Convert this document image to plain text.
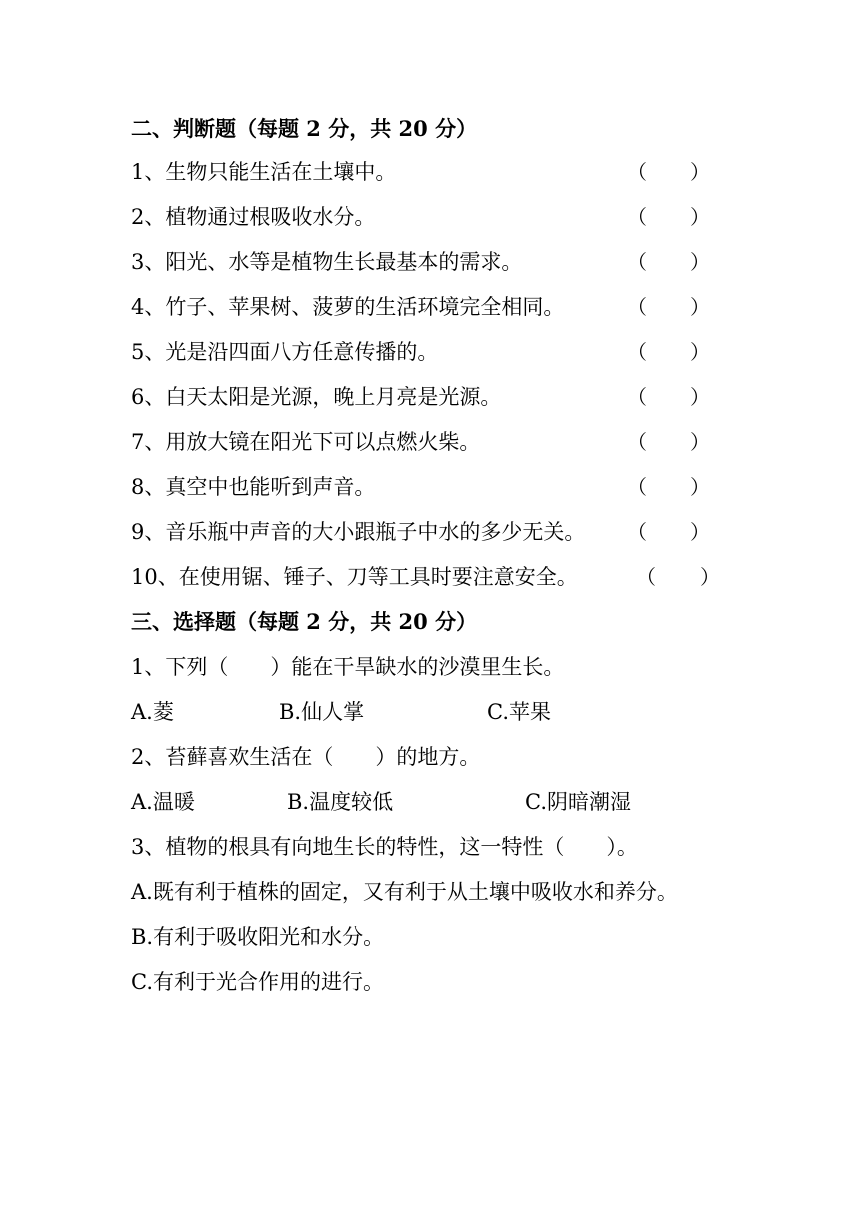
二、判断题（每题 2 分，共 20 分）
1、生物只能生活在土壤中。	（ ）
2、植物通过根吸收水分。	（ ）
3、阳光、水等是植物生长最基本的需求。	（ ）
4、竹子、苹果树、菠萝的生活环境完全相同。	（ ）
5、光是沿四面八方任意传播的。	（ ）
6、白天太阳是光源，晚上月亮是光源。	（ ）
7、用放大镜在阳光下可以点燃火柴。	（ ）
8、真空中也能听到声音。	（ ）
9、音乐瓶中声音的大小跟瓶子中水的多少无关。 （ ）
10、在使用锯、锤子、刀等工具时要注意安全。	（ ）
三、选择题（每题 2 分，共 20 分）
1、下列（　　）能在干旱缺水的沙漠里生长。
A.菱	B.仙人掌	C.苹果
2、苔藓喜欢生活在（　　）的地方。
A.温暖	B.温度较低	C.阴暗潮湿
3、植物的根具有向地生长的特性，这一特性（　　）。
A.既有利于植株的固定，又有利于从土壤中吸收水和养分。
B.有利于吸收阳光和水分。
C.有利于光合作用的进行。
